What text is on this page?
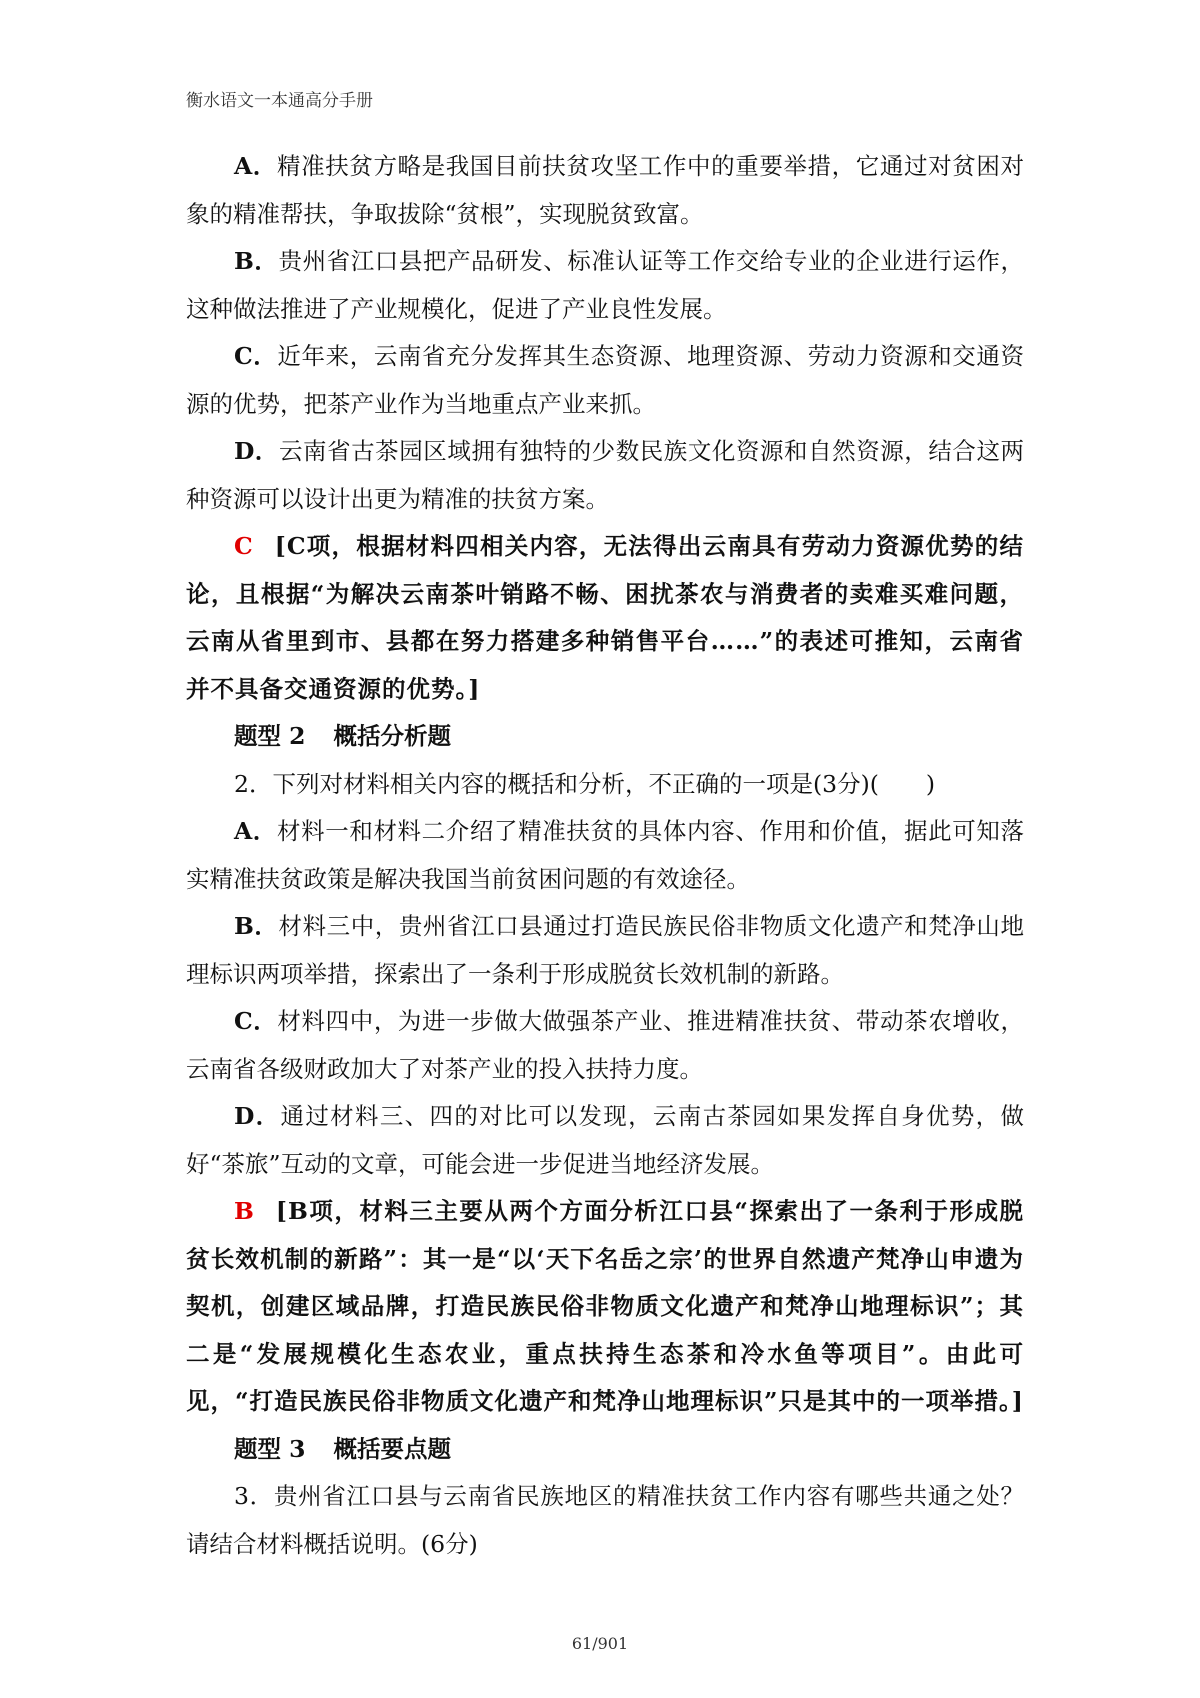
衡水语文一本通高分手册

A．精准扶贫方略是我国目前扶贫攻坚工作中的重要举措，它通过对贫困对象的精准帮扶，争取拔除“贫根”，实现脱贫致富。

B．贵州省江口县把产品研发、标准认证等工作交给专业的企业进行运作，这种做法推进了产业规模化，促进了产业良性发展。

C．近年来，云南省充分发挥其生态资源、地理资源、劳动力资源和交通资源的优势，把茶产业作为当地重点产业来抓。

D．云南省古茶园区域拥有独特的少数民族文化资源和自然资源，结合这两种资源可以设计出更为精准的扶贫方案。

C [C项，根据材料四相关内容，无法得出云南具有劳动力资源优势的结论，且根据“为解决云南茶叶销路不畅、困扰茶农与消费者的卖难买难问题，云南从省里到市、县都在努力搭建多种销售平台……”的表述可推知，云南省并不具备交通资源的优势。]

题型 2 概括分析题

2．下列对材料相关内容的概括和分析，不正确的一项是(3分)(　　)

A．材料一和材料二介绍了精准扶贫的具体内容、作用和价值，据此可知落实精准扶贫政策是解决我国当前贫困问题的有效途径。

B．材料三中，贵州省江口县通过打造民族民俗非物质文化遗产和梵净山地理标识两项举措，探索出了一条利于形成脱贫长效机制的新路。

C．材料四中，为进一步做大做强茶产业、推进精准扶贫、带动茶农增收，云南省各级财政加大了对茶产业的投入扶持力度。

D．通过材料三、四的对比可以发现，云南古茶园如果发挥自身优势，做好“茶旅”互动的文章，可能会进一步促进当地经济发展。

B [B项，材料三主要从两个方面分析江口县“探索出了一条利于形成脱贫长效机制的新路”：其一是“以‘天下名岳之宗’的世界自然遗产梵净山申遗为契机，创建区域品牌，打造民族民俗非物质文化遗产和梵净山地理标识”；其二是“发展规模化生态农业，重点扶持生态茶和冷水鱼等项目”。由此可见，“打造民族民俗非物质文化遗产和梵净山地理标识”只是其中的一项举措。]

题型 3 概括要点题

3．贵州省江口县与云南省民族地区的精准扶贫工作内容有哪些共通之处？请结合材料概括说明。(6分)

61/901
